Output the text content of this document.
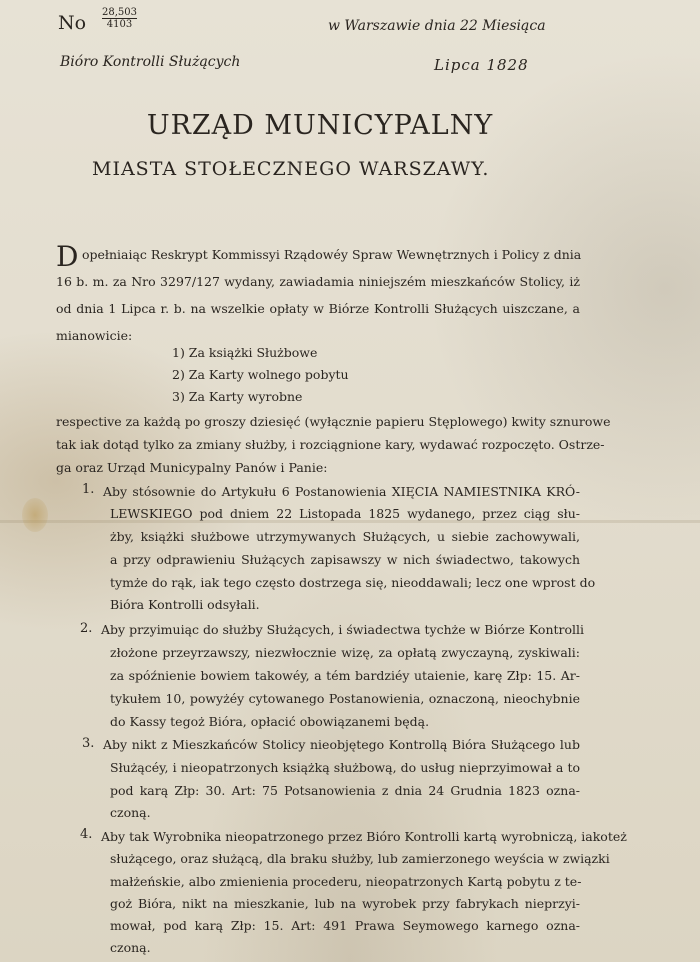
No $\frac{28,503}{4103}$	w Warszawie dnia 22 Miesiąca
Bióro Kontrolli Służących	Lipca 1828
URZĄD MUNICYPALNY
MIASTA STOŁECZNEGO WARSZAWY.
D opełniaiąc Reskrypt Kommissyi Rządowéy Spraw Wewnętrznych i Policy z dnia
16 b. m. za Nro 3297/127 wydany, zawiadamia niniejszém mieszkańców Stolicy, iż
od dnia 1 Lipca r. b. na wszelkie opłaty w Biórze Kontrolli Służących uiszczane, a
mianowicie:
1) Za książki Służbowe
2) Za Karty wolnego pobytu
3) Za Karty wyrobne
respective za każdą po groszy dziesięć (wyłącznie papieru Stęplowego) kwity sznurowe
tak iak dotąd tylko za zmiany służby, i rozciągnione kary, wydawać rozpoczęto. Ostrze-
ga oraz Urząd Municypalny Panów i Panie:
1. Aby stósownie do Artykułu 6 Postanowienia XIĘCIA NAMIESTNIKA KRÓ-
LEWSKIEGO pod dniem 22 Listopada 1825 wydanego, przez ciąg słu-
żby, książki służbowe utrzymywanych Służących, u siebie zachowywali,
a przy odprawieniu Służących zapisawszy w nich świadectwo, takowych
tymże do rąk, iak tego często dostrzega się, nieoddawali; lecz one wprost do
Bióra Kontrolli odsyłali.
2. Aby przyimuiąc do służby Służących, i świadectwa tychże w Biórze Kontrolli
złożone przeyrzawszy, niezwłocznie wizę, za opłatą zwyczayną, zyskiwali:
za spóźnienie bowiem takowéy, a tém bardziéy utaienie, karę Złp: 15. Ar-
tykułem 10, powyżéy cytowanego Postanowienia, oznaczoną, nieochybnie
do Kassy tegoż Bióra, opłacić obowiązanemi będą.
3. Aby nikt z Mieszkańców Stolicy nieobjętego Kontrollą Bióra Służącego lub
Służącéy, i nieopatrzonych książką służbową, do usług nieprzyimował a to
pod karą Złp: 30. Art: 75 Potsanowienia z dnia 24 Grudnia 1823 ozna-
czoną.
4. Aby tak Wyrobnika nieopatrzonego przez Bióro Kontrolli kartą wyrobniczą, iakoteż
służącego, oraz służącą, dla braku służby, lub zamierzonego weyścia w związki
małżeńskie, albo zmienienia procederu, nieopatrzonych Kartą pobytu z te-
goż Bióra, nikt na mieszkanie, lub na wyrobek przy fabrykach nieprzyi-
mował, pod karą Złp: 15. Art: 491 Prawa Seymowego karnego ozna-
czoną.
